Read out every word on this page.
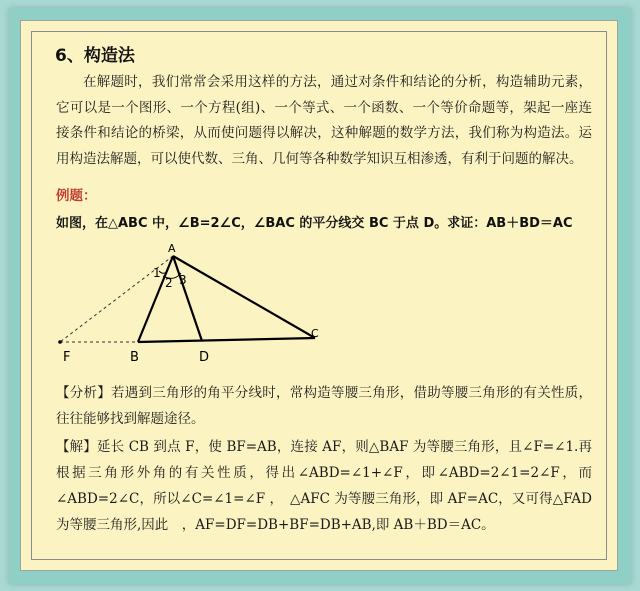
6、构造法

在解题时，我们常常会采用这样的方法，通过对条件和结论的分析，构造辅助元素，它可以是一个图形、一个方程(组)、一个等式、一个函数、一个等价命题等，架起一座连接条件和结论的桥梁，从而使问题得以解决，这种解题的数学方法，我们称为构造法。运用构造法解题，可以使代数、三角、几何等各种数学知识互相渗透，有利于问题的解决。

例题：
如图，在△ABC 中，∠B=2∠C，∠BAC 的平分线交 BC 于点 D。求证：AB＋BD＝AC
A
F	B	D
C
1
2 3

【分析】若遇到三角形的角平分线时，常构造等腰三角形，借助等腰三角形的有关性质，往往能够找到解题途径。

【解】延长 CB 到点 F，使 BF=AB，连接 AF，则△BAF 为等腰三角形，且∠F=∠1.再根据三角形外角的有关性质，得出∠ABD=∠1+∠F，即∠ABD=2∠1=2∠F，而∠ABD=2∠C，所以∠C=∠1=∠F ，　△AFC 为等腰三角形，即 AF=AC，又可得△FAD 为等腰三角形,因此　，AF=DF=DB+BF=DB+AB,即 AB＋BD＝AC。
